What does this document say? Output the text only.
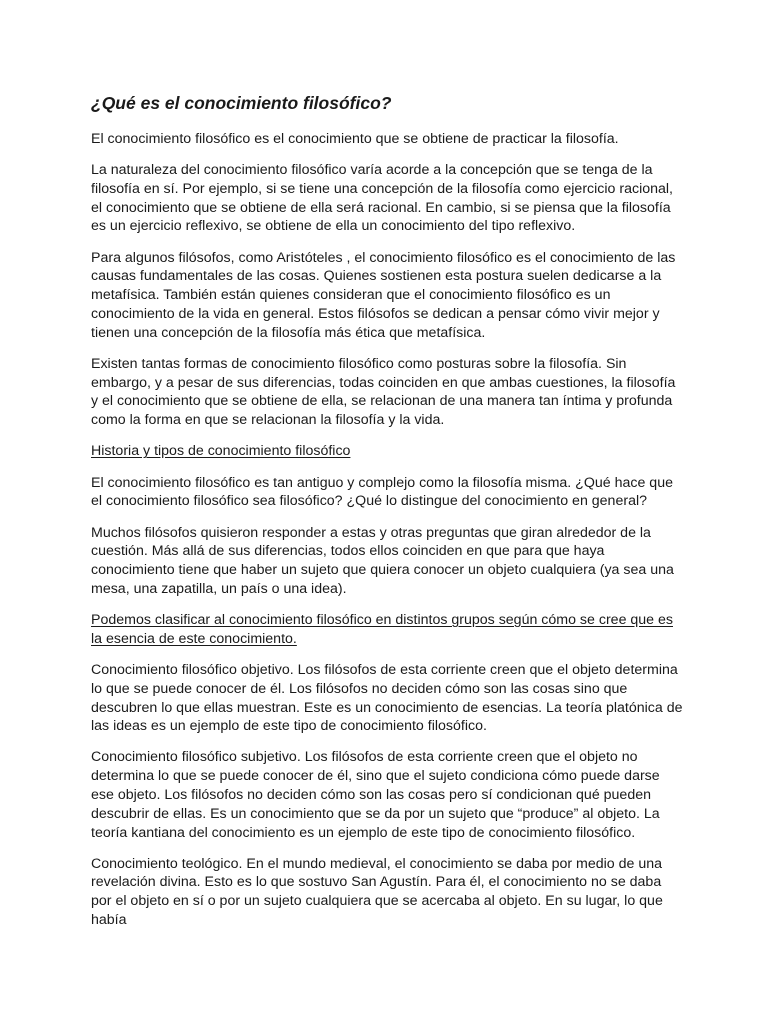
¿Qué es el conocimiento filosófico?

El conocimiento filosófico es el conocimiento que se obtiene de practicar la filosofía.

La naturaleza del conocimiento filosófico varía acorde a la concepción que se tenga de la filosofía en sí. Por ejemplo, si se tiene una concepción de la filosofía como ejercicio racional, el conocimiento que se obtiene de ella será racional. En cambio, si se piensa que la filosofía es un ejercicio reflexivo, se obtiene de ella un conocimiento del tipo reflexivo.

Para algunos filósofos, como Aristóteles , el conocimiento filosófico es el conocimiento de las causas fundamentales de las cosas. Quienes sostienen esta postura suelen dedicarse a la metafísica. También están quienes consideran que el conocimiento filosófico es un conocimiento de la vida en general. Estos filósofos se dedican a pensar cómo vivir mejor y tienen una concepción de la filosofía más ética que metafísica.

Existen tantas formas de conocimiento filosófico como posturas sobre la filosofía. Sin embargo, y a pesar de sus diferencias, todas coinciden en que ambas cuestiones, la filosofía y el conocimiento que se obtiene de ella, se relacionan de una manera tan íntima y profunda como la forma en que se relacionan la filosofía y la vida.

Historia y tipos de conocimiento filosófico

El conocimiento filosófico es tan antiguo y complejo como la filosofía misma. ¿Qué hace que el conocimiento filosófico sea filosófico? ¿Qué lo distingue del conocimiento en general?

Muchos filósofos quisieron responder a estas y otras preguntas que giran alrededor de la cuestión. Más allá de sus diferencias, todos ellos coinciden en que para que haya conocimiento tiene que haber un sujeto que quiera conocer un objeto cualquiera (ya sea una mesa, una zapatilla, un país o una idea).

Podemos clasificar al conocimiento filosófico en distintos grupos según cómo se cree que es la esencia de este conocimiento.

Conocimiento filosófico objetivo. Los filósofos de esta corriente creen que el objeto determina lo que se puede conocer de él. Los filósofos no deciden cómo son las cosas sino que descubren lo que ellas muestran. Este es un conocimiento de esencias. La teoría platónica de las ideas es un ejemplo de este tipo de conocimiento filosófico.

Conocimiento filosófico subjetivo. Los filósofos de esta corriente creen que el objeto no determina lo que se puede conocer de él, sino que el sujeto condiciona cómo puede darse ese objeto. Los filósofos no deciden cómo son las cosas pero sí condicionan qué pueden descubrir de ellas. Es un conocimiento que se da por un sujeto que “produce” al objeto. La teoría kantiana del conocimiento es un ejemplo de este tipo de conocimiento filosófico.

Conocimiento teológico. En el mundo medieval, el conocimiento se daba por medio de una revelación divina. Esto es lo que sostuvo San Agustín. Para él, el conocimiento no se daba por el objeto en sí o por un sujeto cualquiera que se acercaba al objeto. En su lugar, lo que había
